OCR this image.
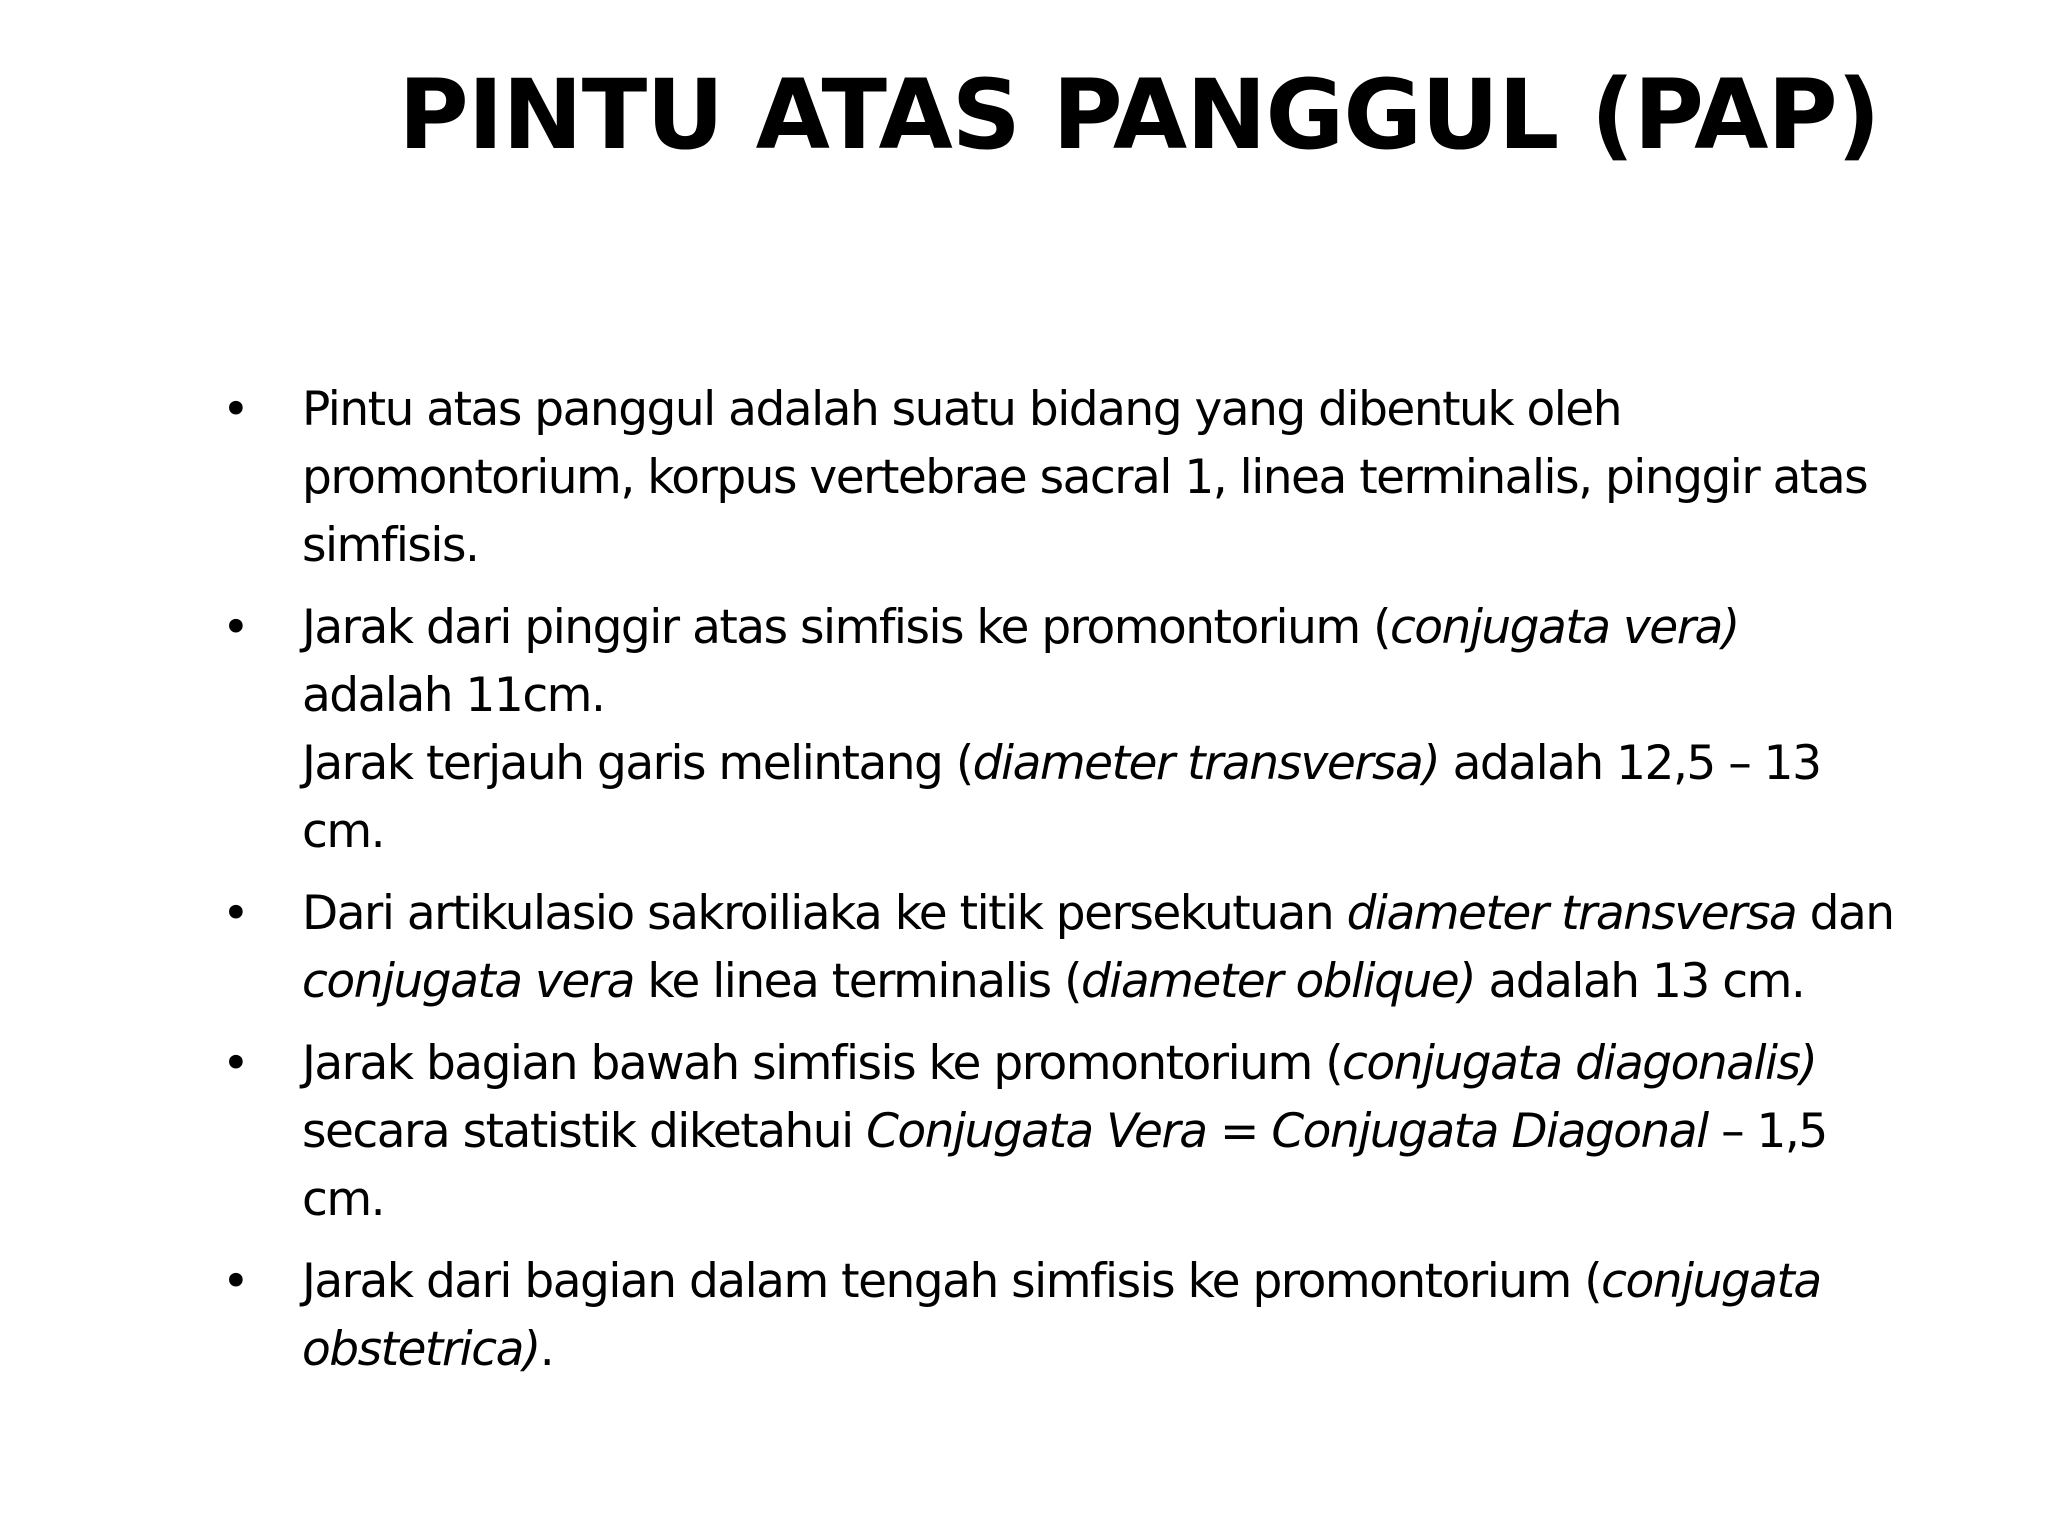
PINTU ATAS PANGGUL (PAP)
• Pintu atas panggul adalah suatu bidang yang dibentuk oleh promontorium, korpus vertebrae sacral 1, linea terminalis, pinggir atas simfisis.
• Jarak dari pinggir atas simfisis ke promontorium (conjugata vera) adalah 11cm.
Jarak terjauh garis melintang (diameter transversa) adalah 12,5 – 13 cm.
• Dari artikulasio sakroiliaka ke titik persekutuan diameter transversa dan conjugata vera ke linea terminalis (diameter oblique) adalah 13 cm.
• Jarak bagian bawah simfisis ke promontorium (conjugata diagonalis) secara statistik diketahui Conjugata Vera = Conjugata Diagonal – 1,5 cm.
• Jarak dari bagian dalam tengah simfisis ke promontorium (conjugata obstetrica).
